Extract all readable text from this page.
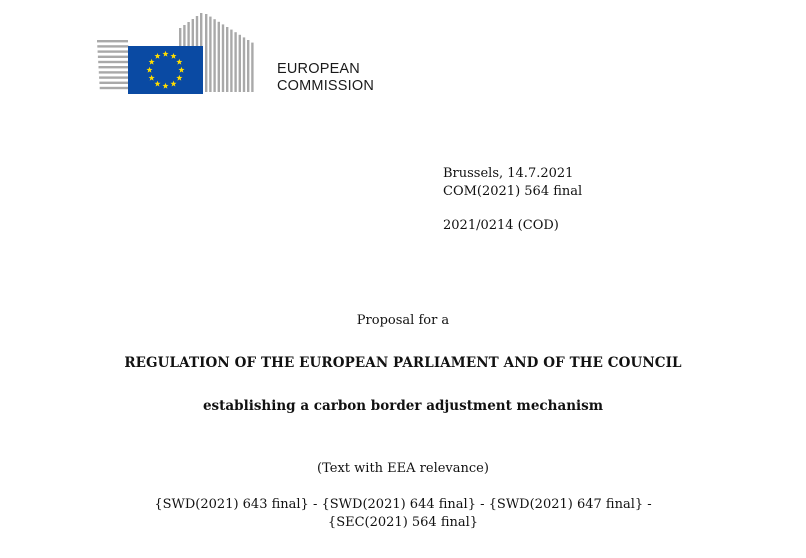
EUROPEAN
COMMISSION
Brussels, 14.7.2021
COM(2021) 564 final
2021/0214 (COD)
Proposal for a
REGULATION OF THE EUROPEAN PARLIAMENT AND OF THE COUNCIL
establishing a carbon border adjustment mechanism
(Text with EEA relevance)
{SWD(2021) 643 final} - {SWD(2021) 644 final} - {SWD(2021) 647 final} -
{SEC(2021) 564 final}
